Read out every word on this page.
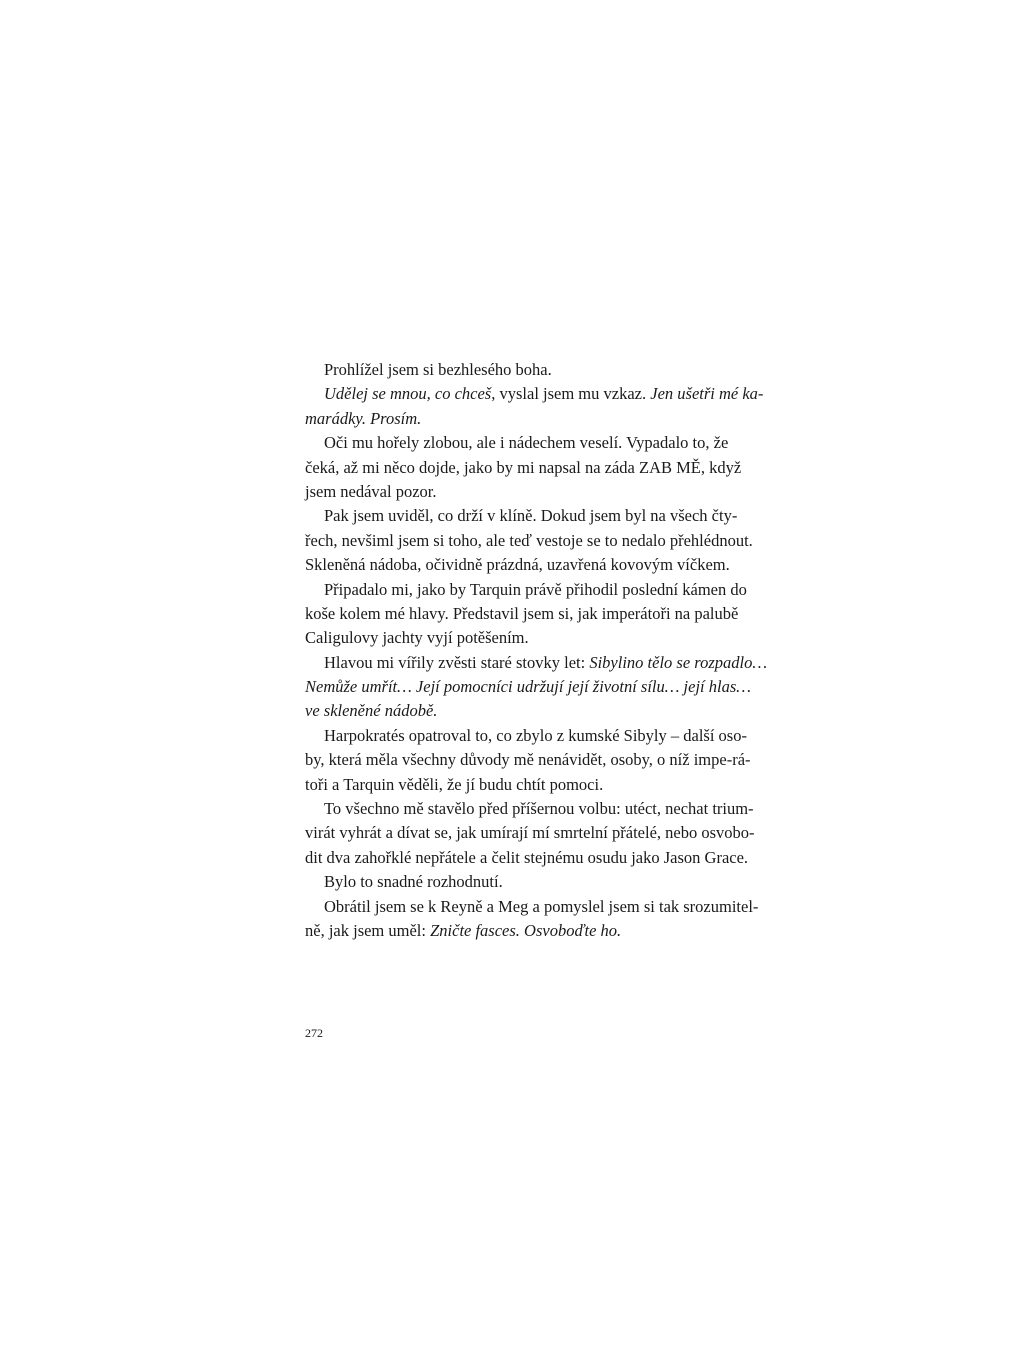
Prohlížel jsem si bezhlesého boha.
Udělej se mnou, co chceš, vyslal jsem mu vzkaz. Jen ušetři mé ka-
marádky. Prosím.
Oči mu hořely zlobou, ale i nádechem veselí. Vypadalo to, že
čeká, až mi něco dojde, jako by mi napsal na záda ZAB MĚ, když
jsem nedával pozor.
Pak jsem uviděl, co drží v klíně. Dokud jsem byl na všech čty-
řech, nevšiml jsem si toho, ale teď vestoje se to nedalo přehlédnout.
Skleněná nádoba, očividně prázdná, uzavřená kovovým víčkem.
Připadalo mi, jako by Tarquin právě přihodil poslední kámen do
koše kolem mé hlavy. Představil jsem si, jak imperátoři na palubě
Caligulovy jachty vyjí potěšením.
Hlavou mi vířily zvěsti staré stovky let: Sibylino tělo se rozpadlo…
Nemůže umřít… Její pomocníci udržují její životní sílu… její hlas…
ve skleněné nádobě.
Harpokratés opatroval to, co zbylo z kumské Sibyly – další oso-
by, která měla všechny důvody mě nenávidět, osoby, o níž impe-rá-
toři a Tarquin věděli, že jí budu chtít pomoci.
To všechno mě stavělo před příšernou volbu: utéct, nechat trium-
virát vyhrát a dívat se, jak umírají mí smrtelní přátelé, nebo osvobo-
dit dva zahořklé nepřátele a čelit stejnému osudu jako Jason Grace.
Bylo to snadné rozhodnutí.
Obrátil jsem se k Reyně a Meg a pomyslel jsem si tak srozumitel-
ně, jak jsem uměl: Zničte fasces. Osvoboďte ho.
272
